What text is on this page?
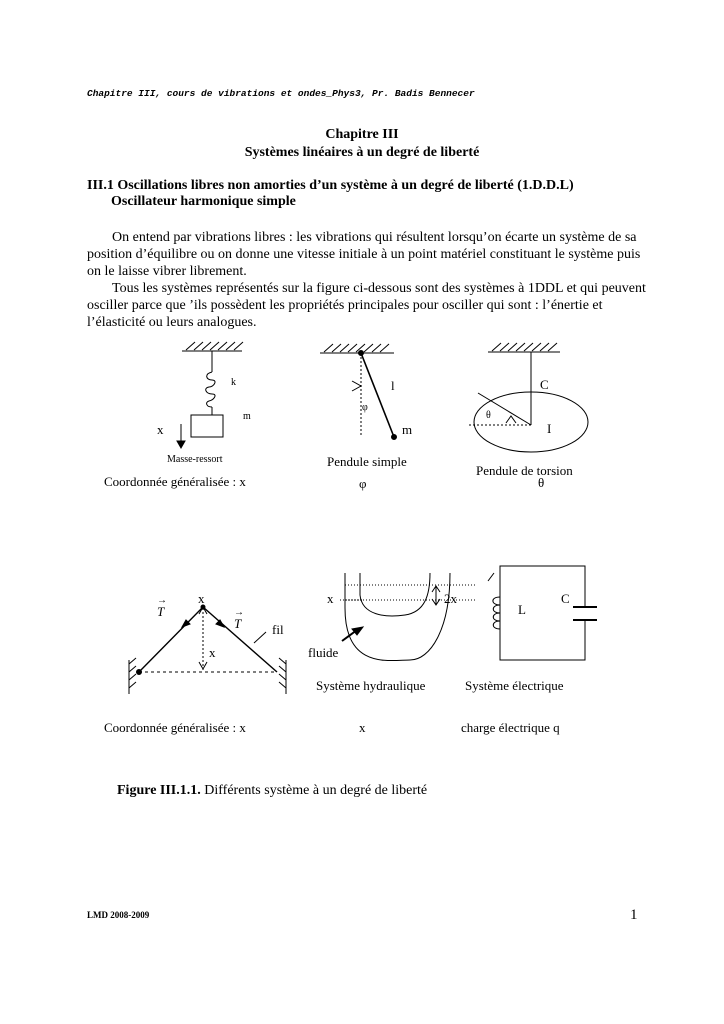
Chapitre III, cours de vibrations et ondes_Phys3, Pr. Badis Bennecer
Chapitre III
Systèmes linéaires à un degré de liberté
III.1 Oscillations libres non amorties d’un système à un degré de liberté (1.D.D.L)
Oscillateur harmonique simple

On entend par vibrations libres : les vibrations qui résultent lorsqu’on écarte un système de sa position d’équilibre ou on donne une vitesse initiale à un point matériel constituant le système puis on le laisse vibrer librement.

Tous les systèmes représentés sur la figure ci-dessous sont des systèmes à 1DDL et qui peuvent osciller parce que ’ils possèdent les propriétés principales pour osciller qui sont : l’énertie et l’élasticité ou leurs analogues.

k
m
x
Masse-ressort
l
φ
m
Pendule simple
C
θ
I
Pendule de torsion
Coordonnée généralisée : x	φ	θ
→
T	→
T
x
x
fil
x	2x
fluide
Système hydraulique
L
C
Système électrique
Coordonnée généralisée : x	x	charge électrique q
Figure III.1.1. Différents système à un degré de liberté
LMD 2008-2009	1
